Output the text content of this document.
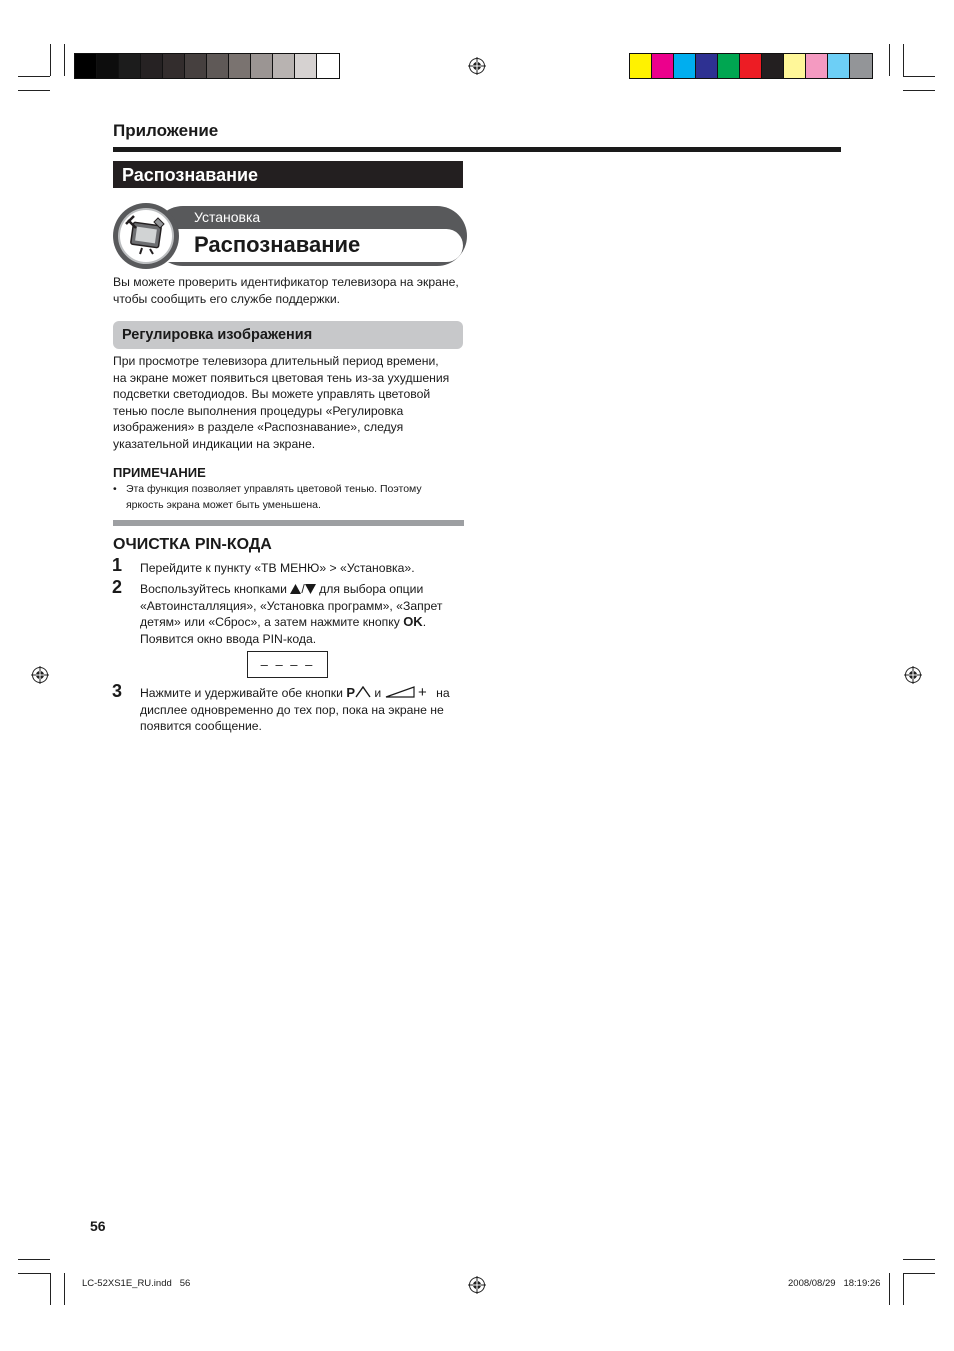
Приложение
Распознавание
Установка
Распознавание
Вы можете проверить идентификатор телевизора на экране,
чтобы сообщить его службе поддержки.
Регулировка изображения
При просмотре телевизора длительный период времени,
на экране может появиться цветовая тень из-за ухудшения
подсветки светодиодов. Вы можете управлять цветовой
тенью после выполнения процедуры «Регулировка
изображения» в разделе «Распознавание», следуя
указательной индикации на экране.
ПРИМЕЧАНИЕ
• Эта функция позволяет управлять цветовой тенью. Поэтому
яркость экрана может быть уменьшена.
ОЧИСТКА PIN-КОДА
1 Перейдите к пункту «ТВ МЕНЮ» > «Установка».
2 Воспользуйтесь кнопками / для выбора опции
«Автоинсталляция», «Установка программ», «Запрет
детям» или «Сброс», а затем нажмите кнопку OK.
Появится окно ввода PIN-кода.
– – – –
3 Нажмите и удерживайте обе кнопки P и + на
дисплее одновременно до тех пор, пока на экране не
появится сообщение.
56
LC-52XS1E_RU.indd   56	2008/08/29   18:19:26
